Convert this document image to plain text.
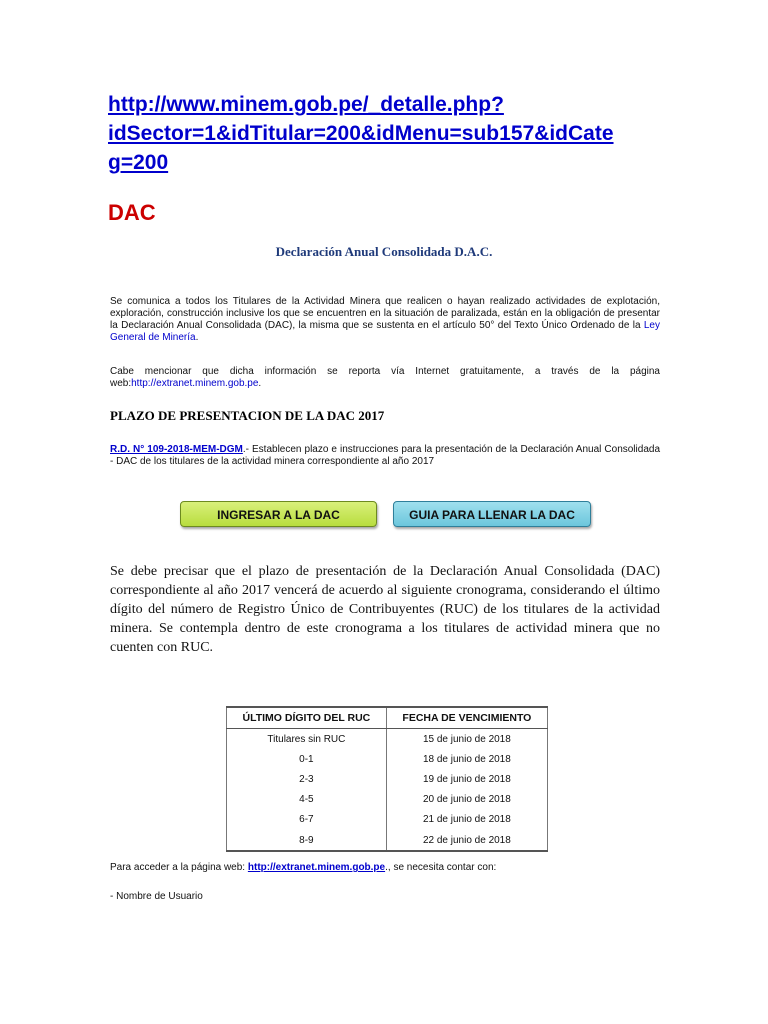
http://www.minem.gob.pe/_detalle.php?
idSector=1&idTitular=200&idMenu=sub157&idCate
g=200
DAC
Declaración Anual Consolidada D.A.C.
Se comunica a todos los Titulares de la Actividad Minera que realicen o hayan realizado actividades de explotación, exploración, construcción inclusive los que se encuentren en la situación de paralizada, están en la obligación de presentar la Declaración Anual Consolidada (DAC), la misma que se sustenta en el artículo 50° del Texto Único Ordenado de la Ley General de Minería.
Cabe mencionar que dicha información se reporta vía Internet gratuitamente, a través de la página web:http://extranet.minem.gob.pe.
PLAZO DE PRESENTACION DE LA DAC 2017
R.D. N° 109-2018-MEM-DGM.- Establecen plazo e instrucciones para la presentación de la Declaración Anual Consolidada - DAC de los titulares de la actividad minera correspondiente al año 2017
INGRESAR A LA DAC	GUIA PARA LLENAR LA DAC
Se debe precisar que el plazo de presentación de la Declaración Anual Consolidada (DAC) correspondiente al año 2017 vencerá de acuerdo al siguiente cronograma, considerando el último dígito del número de Registro Único de Contribuyentes (RUC) de los titulares de la actividad minera. Se contempla dentro de este cronograma a los titulares de actividad minera que no cuenten con RUC.
ÚLTIMO DÍGITO DEL RUC	FECHA DE VENCIMIENTO
Titulares sin RUC	15 de junio de 2018
0-1	18 de junio de 2018
2-3	19 de junio de 2018
4-5	20 de junio de 2018
6-7	21 de junio de 2018
8-9	22 de junio de 2018
Para acceder a la página web: http://extranet.minem.gob.pe., se necesita contar con:
- Nombre de Usuario
